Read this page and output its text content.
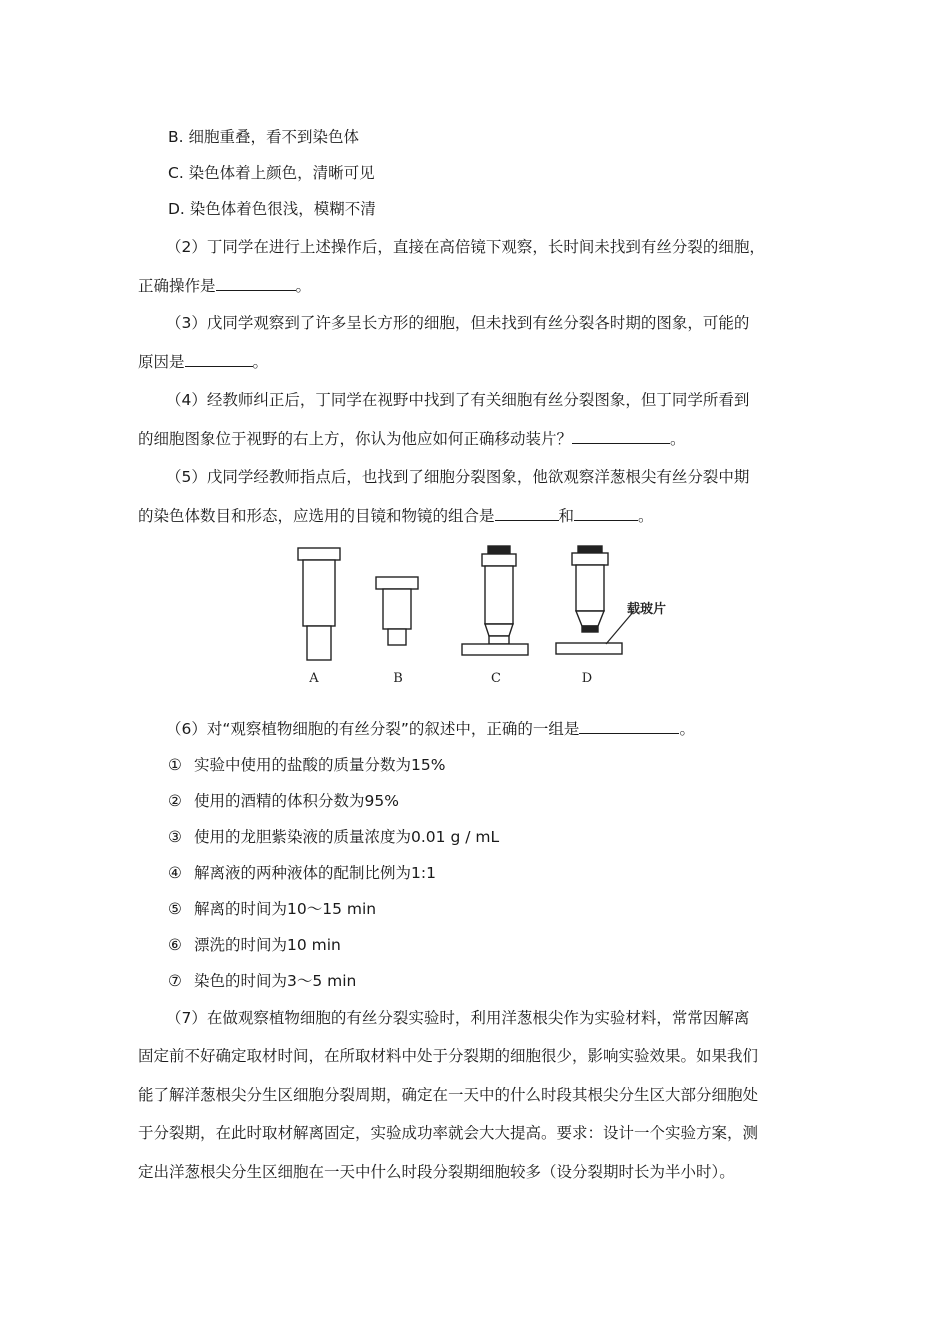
B. 细胞重叠，看不到染色体
C. 染色体着上颜色，清晰可见
D. 染色体着色很浅，模糊不清
（2）丁同学在进行上述操作后，直接在高倍镜下观察，长时间未找到有丝分裂的细胞，
正确操作是	。
（3）戊同学观察到了许多呈长方形的细胞，但未找到有丝分裂各时期的图象，可能的
原因是	。
（4）经教师纠正后，丁同学在视野中找到了有关细胞有丝分裂图象，但丁同学所看到
的细胞图象位于视野的右上方，你认为他应如何正确移动装片？	。
（5）戊同学经教师指点后，也找到了细胞分裂图象，他欲观察洋葱根尖有丝分裂中期
的染色体数目和形态，应选用的目镜和物镜的组合是	和	。
A	B	C	D
载玻片
（6）对“观察植物细胞的有丝分裂”的叙述中，正确的一组是	。
① 实验中使用的盐酸的质量分数为15%
② 使用的酒精的体积分数为95%
③ 使用的龙胆紫染液的质量浓度为0.01 g / mL
④ 解离液的两种液体的配制比例为1:1
⑤ 解离的时间为10～15 min
⑥ 漂洗的时间为10 min
⑦ 染色的时间为3～5 min
（7）在做观察植物细胞的有丝分裂实验时，利用洋葱根尖作为实验材料，常常因解离
固定前不好确定取材时间，在所取材料中处于分裂期的细胞很少，影响实验效果。如果我们
能了解洋葱根尖分生区细胞分裂周期，确定在一天中的什么时段其根尖分生区大部分细胞处
于分裂期，在此时取材解离固定，实验成功率就会大大提高。要求：设计一个实验方案，测
定出洋葱根尖分生区细胞在一天中什么时段分裂期细胞较多（设分裂期时长为半小时）。
